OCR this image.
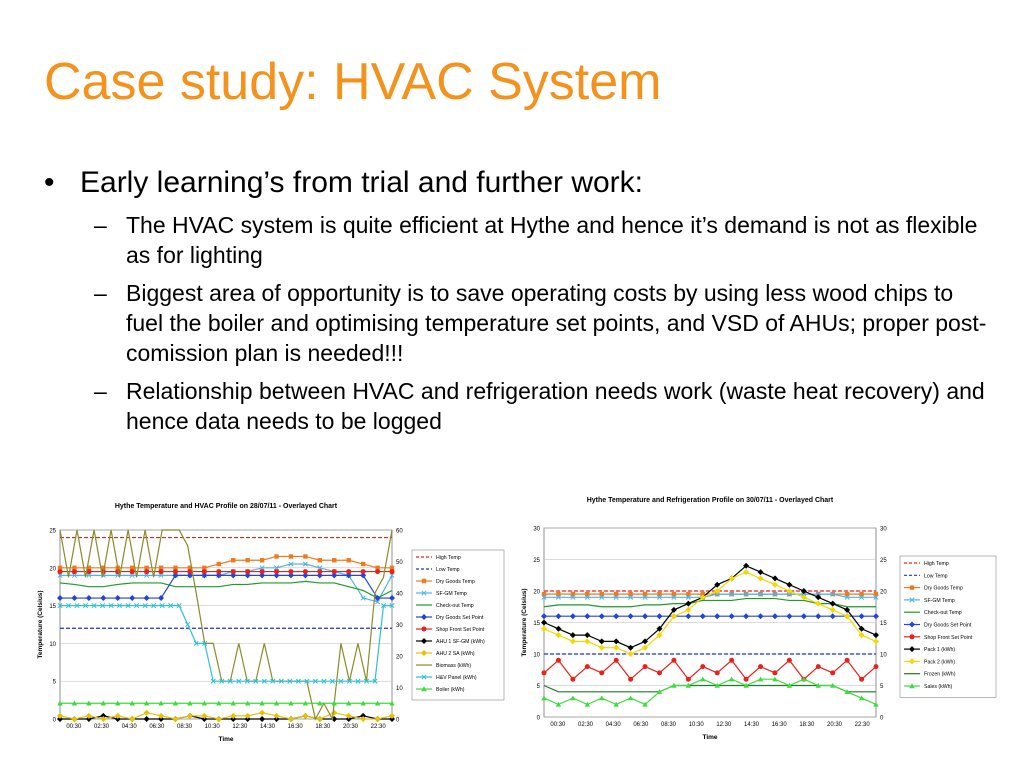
Case study: HVAC System
• Early learning’s from trial and further work:
– The HVAC system is quite efficient at Hythe and hence it’s demand is not as flexible as for lighting
– Biggest area of opportunity is to save operating costs by using less wood chips to fuel the boiler and optimising temperature set points, and VSD of AHUs; proper post-comission plan is needed!!!
– Relationship between HVAC and refrigeration needs work (waste heat recovery) and hence data needs to be logged
Hythe Temperature and HVAC Profile on 28/07/11 - Overlayed Chart
0
5
10
15
20
25
0
10
20
30
40
50
60
00:30 02:30 04:30 06:30 08:30 10:30 12:30 14:30 16:30 18:30 20:30 22:30
Time
Temperature (Celsius)
High Temp
Low Temp
Dry Goods Temp
SF-GM Temp
Check-out Temp
Dry Goods Set Point
Shop Front Set Point
AHU 1 SF-GM (kWh)
AHU 2 SA (kWh)
Biomass (kWh)
H&V Panel (kWh)
Boiler (kWh)
Hythe Temperature and Refrigeration Profile on 30/07/11 - Overlayed Chart
0
5
10
15
20
25
30
0
5
10
15
20
25
30
00:30 02:30 04:30 06:30 08:30 10:30 12:30 14:30 16:30 18:30 20:30 22:30
Time
Temperature (Celsius)
High Temp
Low Temp
Dry Goods Temp
SF-GM Temp
Check-out Temp
Dry Goods Set Point
Shop Front Set Point
Pack 1 (kWh)
Pack 2 (kWh)
Frozen (kWh)
Sales (kWh)
